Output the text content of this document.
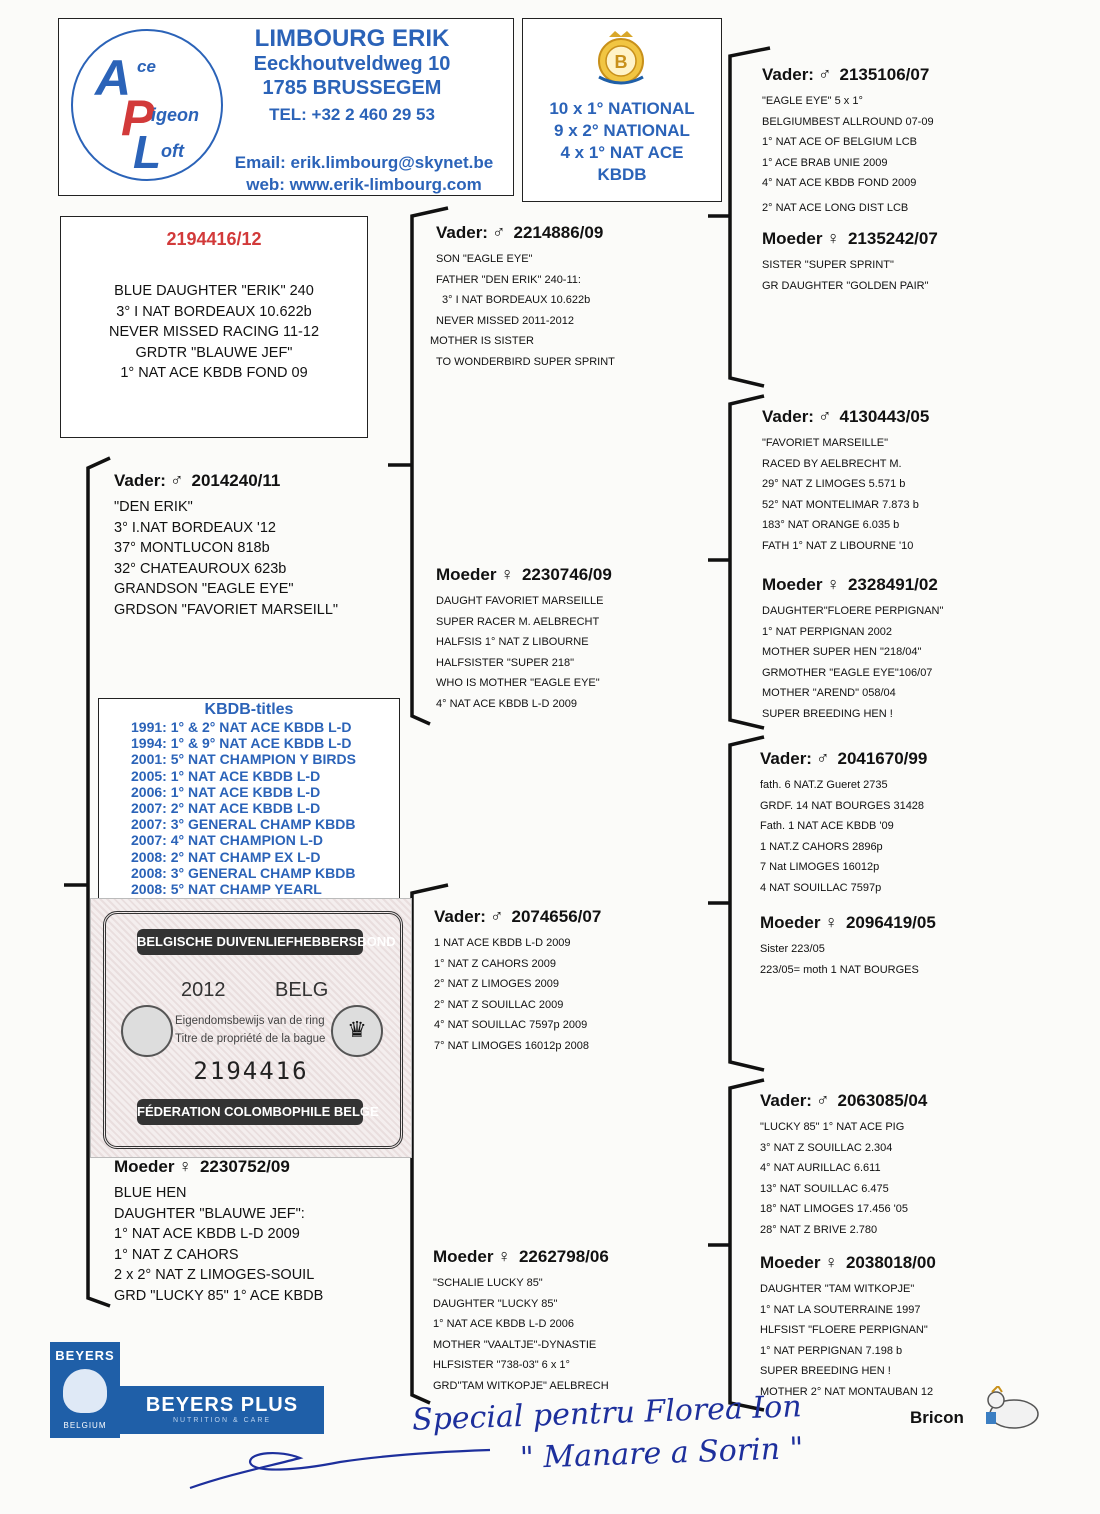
A ce
P
igeon
L oft
LIMBOURG ERIK
Eeckhoutveldweg 10
1785 BRUSSEGEM
TEL: +32 2 460 29 53
Email: erik.limbourg@skynet.be
web: www.erik-limbourg.com
B
10 x 1° NATIONAL
9 x 2° NATIONAL
4 x 1° NAT ACE
KBDB
2194416/12
BLUE DAUGHTER "ERIK" 240
3° I NAT BORDEAUX 10.622b
NEVER MISSED RACING 11-12
GRDTR "BLAUWE JEF"
1° NAT ACE KBDB FOND 09
Vader: ♂ 2014240/11
"DEN ERIK"
3° I.NAT BORDEAUX '12
37° MONTLUCON 818b
32° CHATEAUROUX 623b
GRANDSON "EAGLE EYE"
GRDSON "FAVORIET MARSEILL"
KBDB-titles
1991: 1° & 2° NAT ACE KBDB L-D
1994: 1° & 9° NAT ACE KBDB L-D
2001: 5° NAT CHAMPION Y BIRDS
2005: 1° NAT ACE KBDB L-D
2006: 1° NAT ACE KBDB L-D
2007: 2° NAT ACE KBDB L-D
2007: 3° GENERAL CHAMP KBDB
2007: 4° NAT CHAMPION L-D
2008: 2° NAT CHAMP EX L-D
2008: 3° GENERAL CHAMP KBDB
2008: 5° NAT CHAMP YEARL
BELGISCHE DUIVENLIEFHEBBERSBOND
2012 BELG
♛
Eigendomsbewijs van de ring
Titre de propriété de la bague
2194416
FÉDERATION COLOMBOPHILE BELGE
Moeder ♀ 2230752/09
BLUE HEN
DAUGHTER "BLAUWE JEF":
1° NAT ACE KBDB L-D 2009
1° NAT Z CAHORS
2 x 2° NAT Z LIMOGES-SOUIL
GRD "LUCKY 85" 1° ACE KBDB
Vader: ♂ 2214886/09
SON "EAGLE EYE"
FATHER "DEN ERIK" 240-11:
3° I NAT BORDEAUX 10.622b
NEVER MISSED 2011-2012
MOTHER IS SISTER
TO WONDERBIRD SUPER SPRINT
Moeder ♀ 2230746/09
DAUGHT FAVORIET MARSEILLE
SUPER RACER M. AELBRECHT
HALFSIS 1° NAT Z LIBOURNE
HALFSISTER "SUPER 218"
WHO IS MOTHER "EAGLE EYE"
4° NAT ACE KBDB L-D 2009
Vader: ♂ 2074656/07
1 NAT ACE KBDB L-D 2009
1° NAT Z CAHORS 2009
2° NAT Z LIMOGES 2009
2° NAT Z SOUILLAC 2009
4° NAT SOUILLAC 7597p 2009
7° NAT LIMOGES 16012p 2008
Moeder ♀ 2262798/06
"SCHALIE LUCKY 85"
DAUGHTER "LUCKY 85"
1° NAT ACE KBDB L-D 2006
MOTHER "VAALTJE"-DYNASTIE
HLFSISTER "738-03" 6 x 1°
GRD"TAM WITKOPJE" AELBRECH
Vader: ♂ 2135106/07
"EAGLE EYE" 5 x 1°
BELGIUMBEST ALLROUND 07-09
1° NAT ACE OF BELGIUM LCB
1° ACE BRAB UNIE 2009
4° NAT ACE KBDB FOND 2009
2° NAT ACE LONG DIST LCB
Moeder ♀ 2135242/07
SISTER "SUPER SPRINT"
GR DAUGHTER "GOLDEN PAIR"
Vader: ♂ 4130443/05
"FAVORIET MARSEILLE"
RACED BY AELBRECHT M.
29° NAT Z LIMOGES 5.571 b
52° NAT MONTELIMAR 7.873 b
183° NAT ORANGE 6.035 b
FATH 1° NAT Z LIBOURNE '10
Moeder ♀ 2328491/02
DAUGHTER"FLOERE PERPIGNAN"
1° NAT PERPIGNAN 2002
MOTHER SUPER HEN "218/04"
GRMOTHER "EAGLE EYE"106/07
MOTHER "AREND" 058/04
SUPER BREEDING HEN !
Vader: ♂ 2041670/99
fath. 6 NAT.Z Gueret 2735
GRDF. 14 NAT BOURGES 31428
Fath. 1 NAT ACE KBDB '09
1 NAT.Z CAHORS 2896p
7 Nat LIMOGES 16012p
4 NAT SOUILLAC 7597p
Moeder ♀ 2096419/05
Sister 223/05
223/05= moth 1 NAT BOURGES
Vader: ♂ 2063085/04
"LUCKY 85" 1° NAT ACE PIG
3° NAT Z SOUILLAC 2.304
4° NAT AURILLAC 6.611
13° NAT SOUILLAC 6.475
18° NAT LIMOGES 17.456 '05
28° NAT Z BRIVE 2.780
Moeder ♀ 2038018/00
DAUGHTER "TAM WITKOPJE"
1° NAT LA SOUTERRAINE 1997
HLFSIST "FLOERE PERPIGNAN"
1° NAT PERPIGNAN 7.198 b
SUPER BREEDING HEN !
MOTHER 2° NAT MONTAUBAN 12
BEYERS
BELGIUM
BEYERS PLUS
NUTRITION & CARE	Special pentru Florea Ion
" Manare a Sorin "
Bricon
